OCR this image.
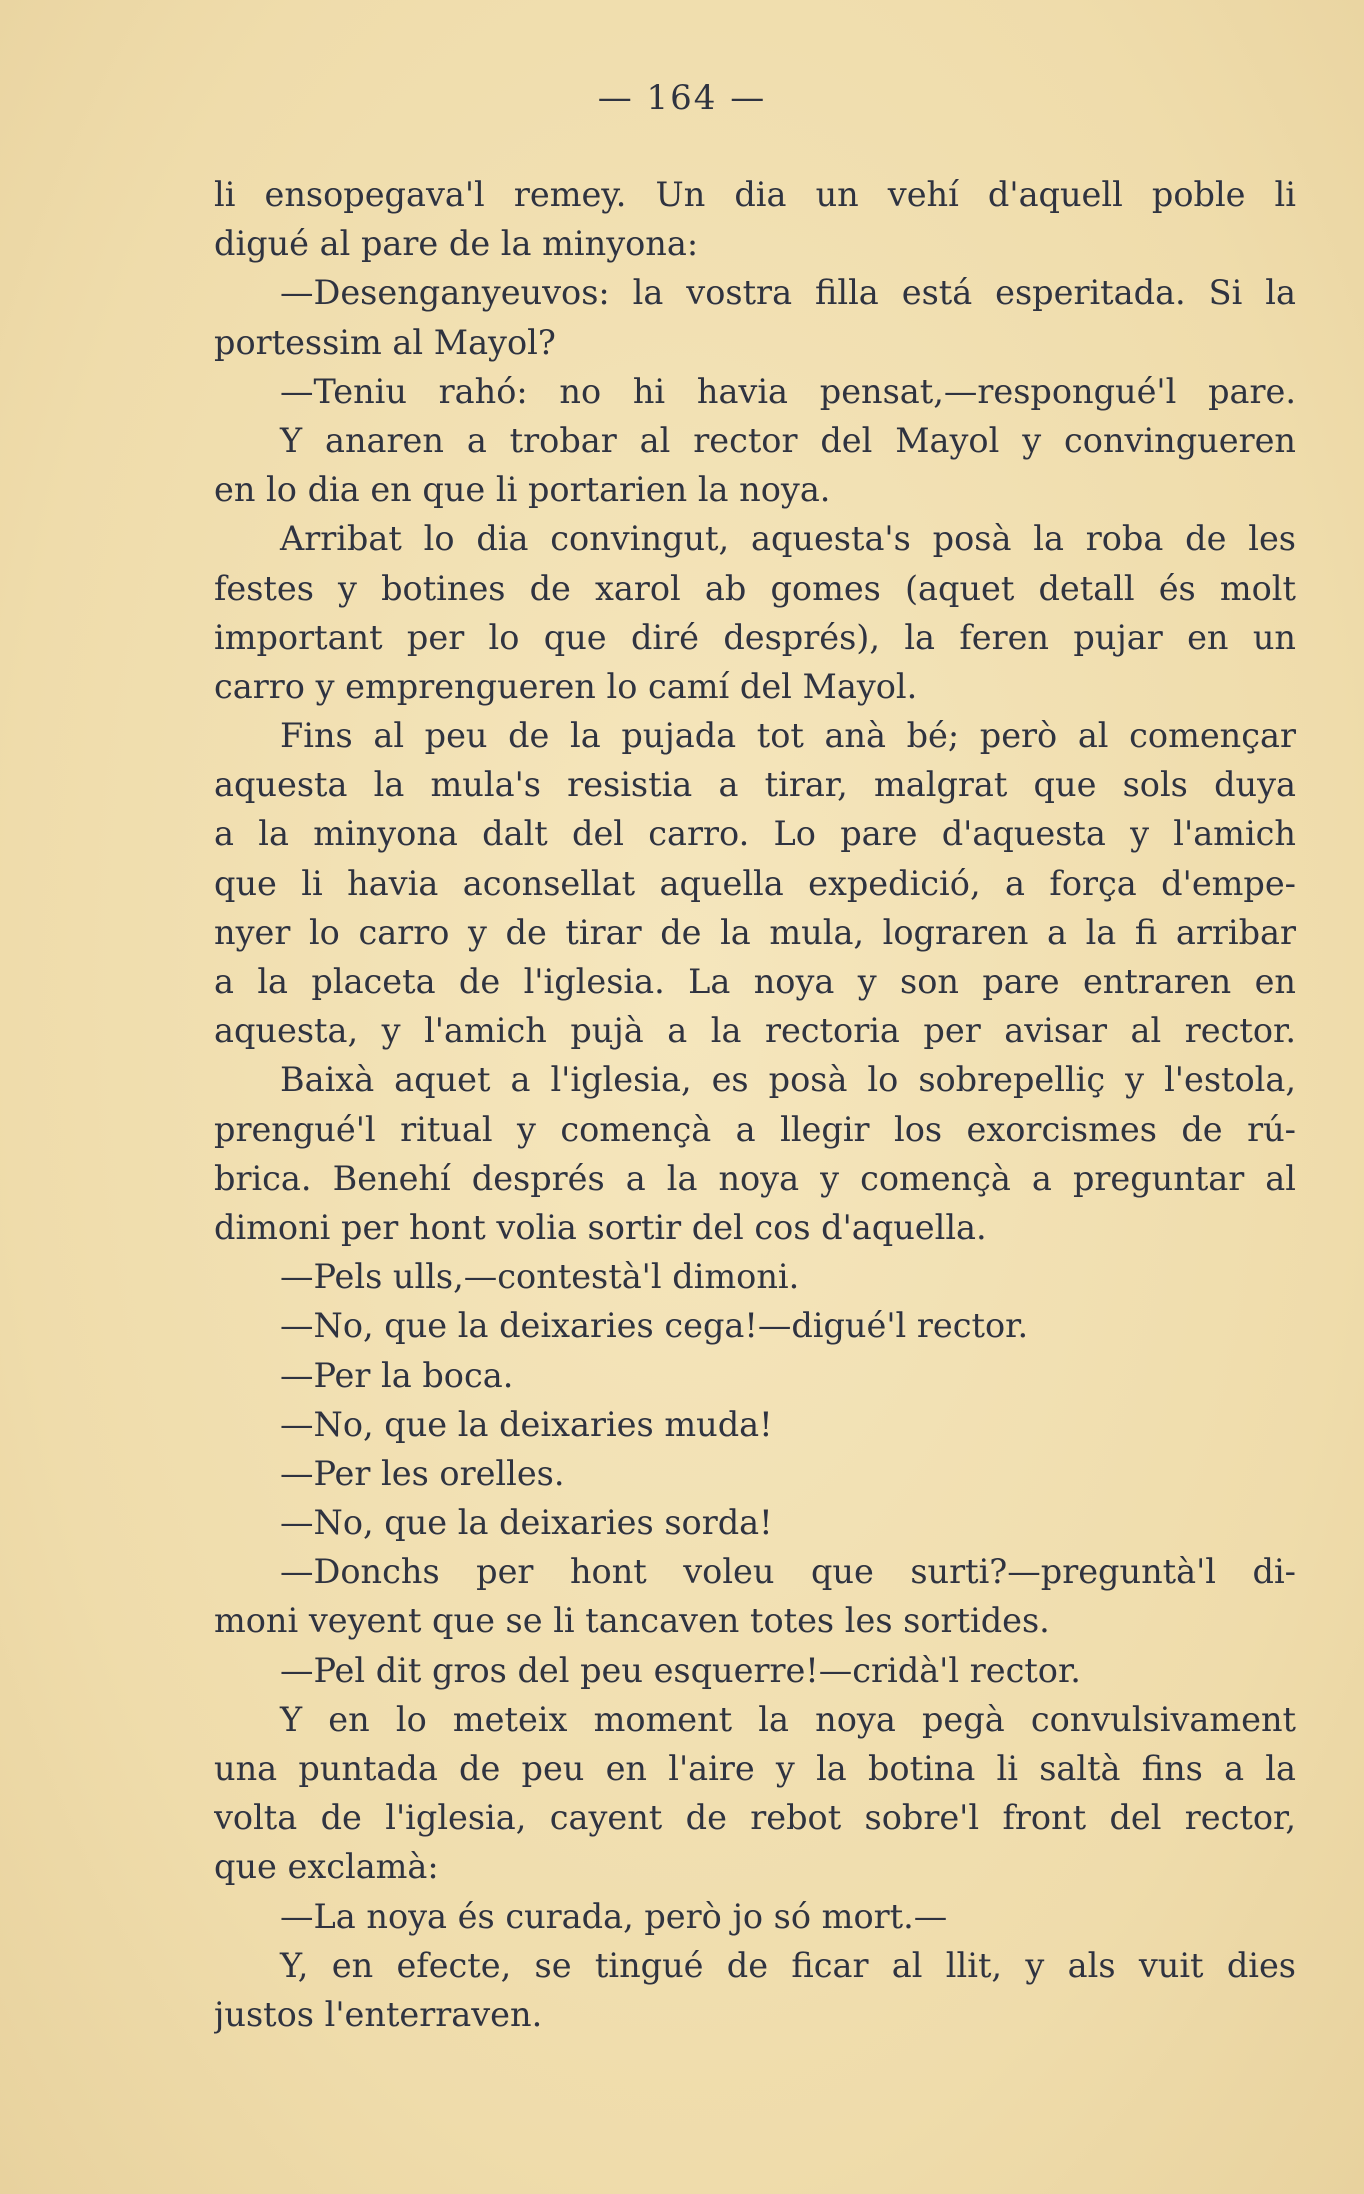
— 164 —
li ensopegava'l remey. Un dia un vehí d'aquell poble li
digué al pare de la minyona:
—Desenganyeuvos: la vostra filla está esperitada. Si la
portessim al Mayol?
—Teniu rahó: no hi havia pensat,—respongué'l pare.
Y anaren a trobar al rector del Mayol y convingueren
en lo dia en que li portarien la noya.
Arribat lo dia convingut, aquesta's posà la roba de les
festes y botines de xarol ab gomes (aquet detall és molt
important per lo que diré després), la feren pujar en un
carro y emprengueren lo camí del Mayol.
Fins al peu de la pujada tot anà bé; però al començar
aquesta la mula's resistia a tirar, malgrat que sols duya
a la minyona dalt del carro. Lo pare d'aquesta y l'amich
que li havia aconsellat aquella expedició, a força d'empe-
nyer lo carro y de tirar de la mula, lograren a la fi arribar
a la placeta de l'iglesia. La noya y son pare entraren en
aquesta, y l'amich pujà a la rectoria per avisar al rector.
Baixà aquet a l'iglesia, es posà lo sobrepelliç y l'estola,
prengué'l ritual y començà a llegir los exorcismes de rú-
brica. Benehí després a la noya y començà a preguntar al
dimoni per hont volia sortir del cos d'aquella.
—Pels ulls,—contestà'l dimoni.
—No, que la deixaries cega!—digué'l rector.
—Per la boca.
—No, que la deixaries muda!
—Per les orelles.
—No, que la deixaries sorda!
—Donchs per hont voleu que surti?—preguntà'l di-
moni veyent que se li tancaven totes les sortides.
—Pel dit gros del peu esquerre!—cridà'l rector.
Y en lo meteix moment la noya pegà convulsivament
una puntada de peu en l'aire y la botina li saltà fins a la
volta de l'iglesia, cayent de rebot sobre'l front del rector,
que exclamà:
—La noya és curada, però jo só mort.—
Y, en efecte, se tingué de ficar al llit, y als vuit dies
justos l'enterraven.
